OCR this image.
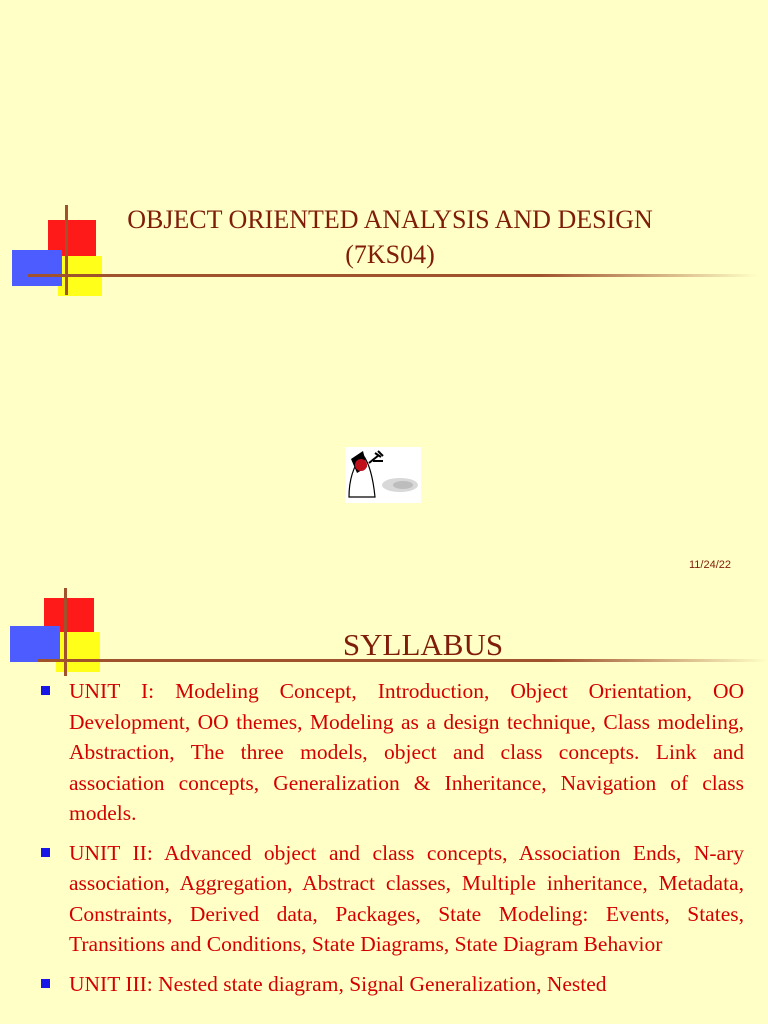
OBJECT ORIENTED ANALYSIS AND DESIGN
(7KS04)
11/24/22
SYLLABUS
UNIT I: Modeling Concept, Introduction, Object Orientation, OO Development, OO themes, Modeling as a design technique, Class modeling, Abstraction, The three models, object and class concepts. Link and association concepts, Generalization & Inheritance, Navigation of class models.
UNIT II: Advanced object and class concepts, Association Ends, N-ary association, Aggregation, Abstract classes, Multiple inheritance, Metadata, Constraints, Derived data, Packages, State Modeling: Events, States, Transitions and Conditions, State Diagrams, State Diagram Behavior
UNIT III: Nested state diagram, Signal Generalization, Nested
